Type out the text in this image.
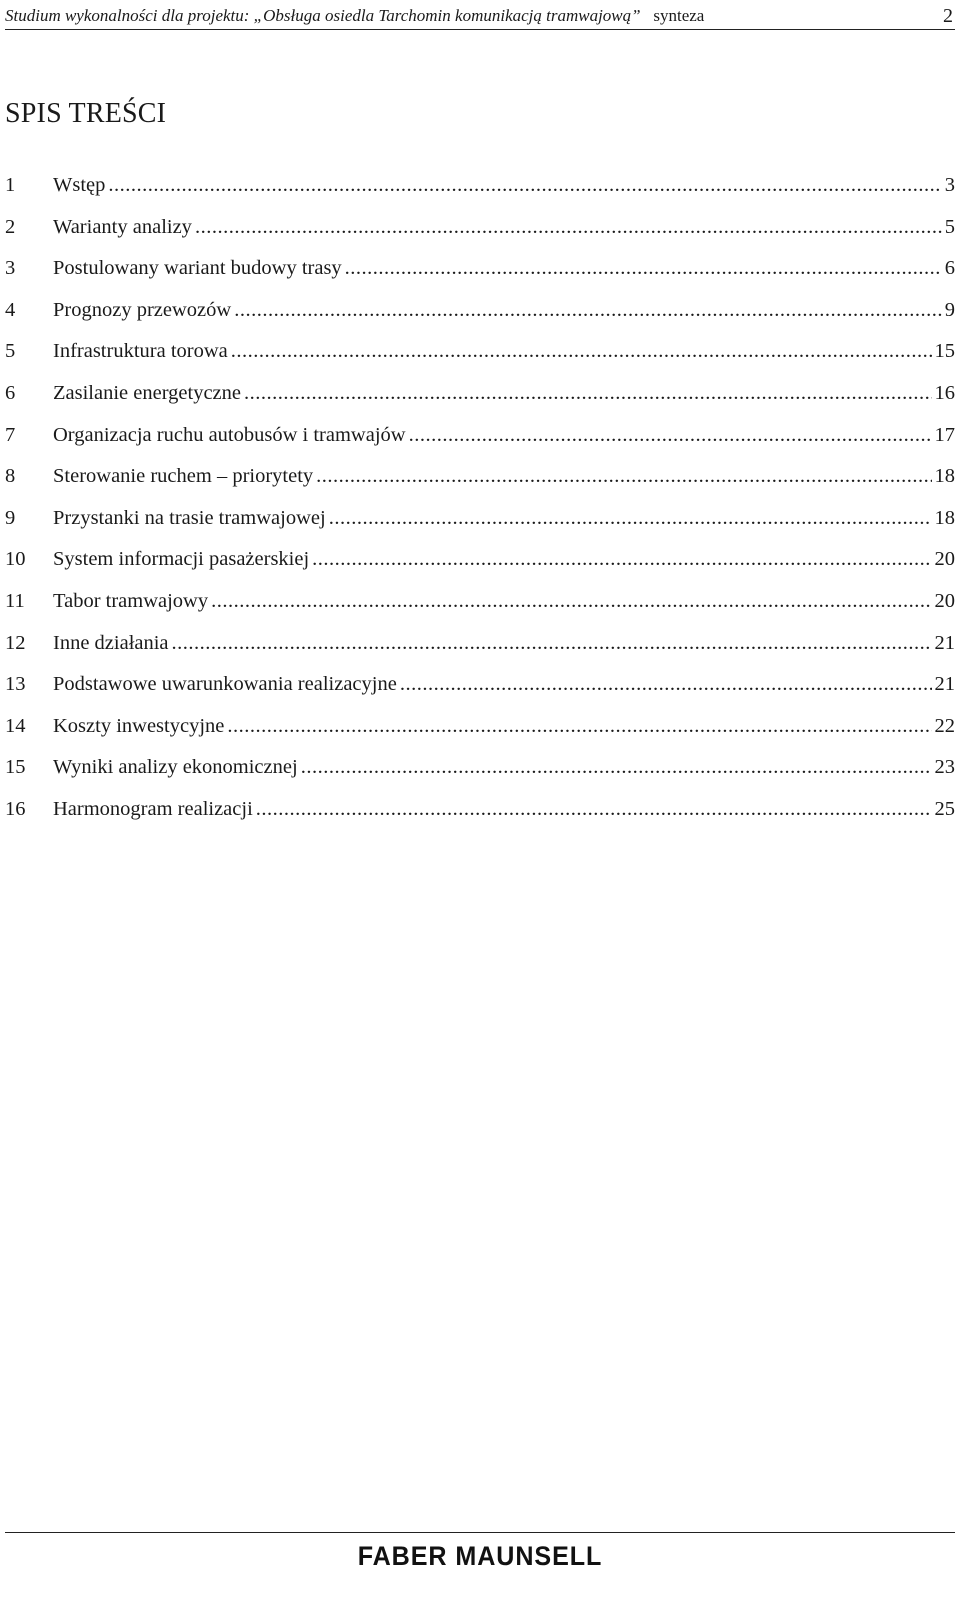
Studium wykonalności dla projektu: „Obsługa osiedla Tarchomin komunikacją tramwajową” synteza	2
SPIS TREŚCI
1	Wstęp .....	3
2	Warianty analizy .....	5
3	Postulowany wariant budowy trasy .....	6
4	Prognozy przewozów .....	9
5	Infrastruktura torowa .....	15
6	Zasilanie energetyczne .....	16
7	Organizacja ruchu autobusów i tramwajów .....	17
8	Sterowanie ruchem – priorytety .....	18
9	Przystanki na trasie tramwajowej .....	18
10	System informacji pasażerskiej .....	20
11	Tabor tramwajowy .....	20
12	Inne działania .....	21
13	Podstawowe uwarunkowania realizacyjne .....	21
14	Koszty inwestycyjne .....	22
15	Wyniki analizy ekonomicznej .....	23
16	Harmonogram realizacji .....	25
FABER MAUNSELL
